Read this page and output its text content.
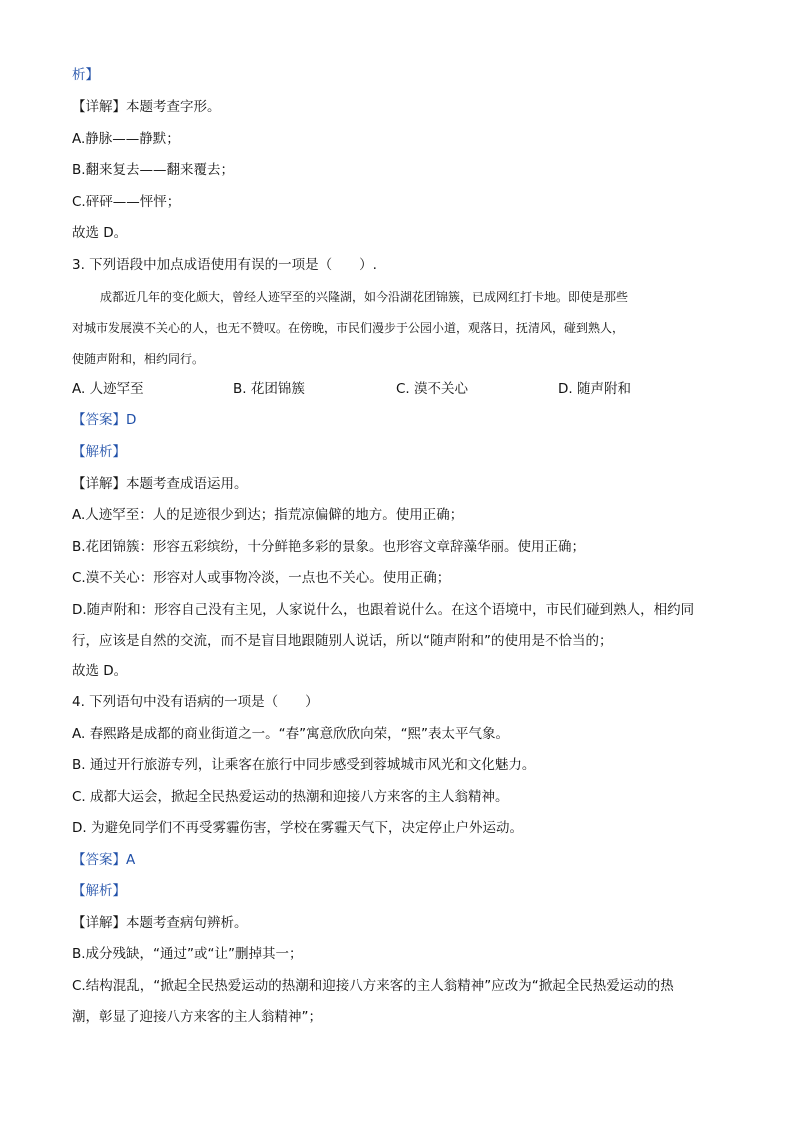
析】
【详解】本题考查字形。
A.静脉——静默；
B.翻来复去——翻来覆去；
C.砰砰——怦怦；
故选 D。
3. 下列语段中加点成语使用有误的一项是（　　）.
成都近几年的变化颇大，曾经人迹罕至的兴隆湖，如今沿湖花团锦簇，已成网红打卡地。即使是那些
对城市发展漠不关心的人，也无不赞叹。在傍晚，市民们漫步于公园小道，观落日，抚清风，碰到熟人，
使随声附和，相约同行。
A. 人迹罕至	B. 花团锦簇	C. 漠不关心	D. 随声附和
【答案】D
【解析】
【详解】本题考查成语运用。
A.人迹罕至：人的足迹很少到达；指荒凉偏僻的地方。使用正确；
B.花团锦簇：形容五彩缤纷，十分鲜艳多彩的景象。也形容文章辞藻华丽。使用正确；
C.漠不关心：形容对人或事物冷淡，一点也不关心。使用正确；
D.随声附和：形容自己没有主见，人家说什么，也跟着说什么。在这个语境中，市民们碰到熟人，相约同
行，应该是自然的交流，而不是盲目地跟随别人说话，所以“随声附和”的使用是不恰当的；
故选 D。
4. 下列语句中没有语病的一项是（　　）
A. 春熙路是成都的商业街道之一。“春”寓意欣欣向荣，“熙”表太平气象。
B. 通过开行旅游专列，让乘客在旅行中同步感受到蓉城城市风光和文化魅力。
C. 成都大运会，掀起全民热爱运动的热潮和迎接八方来客的主人翁精神。
D. 为避免同学们不再受雾霾伤害，学校在雾霾天气下，决定停止户外运动。
【答案】A
【解析】
【详解】本题考查病句辨析。
B.成分残缺，“通过”或“让”删掉其一；
C.结构混乱，“掀起全民热爱运动的热潮和迎接八方来客的主人翁精神”应改为“掀起全民热爱运动的热
潮，彰显了迎接八方来客的主人翁精神”；
